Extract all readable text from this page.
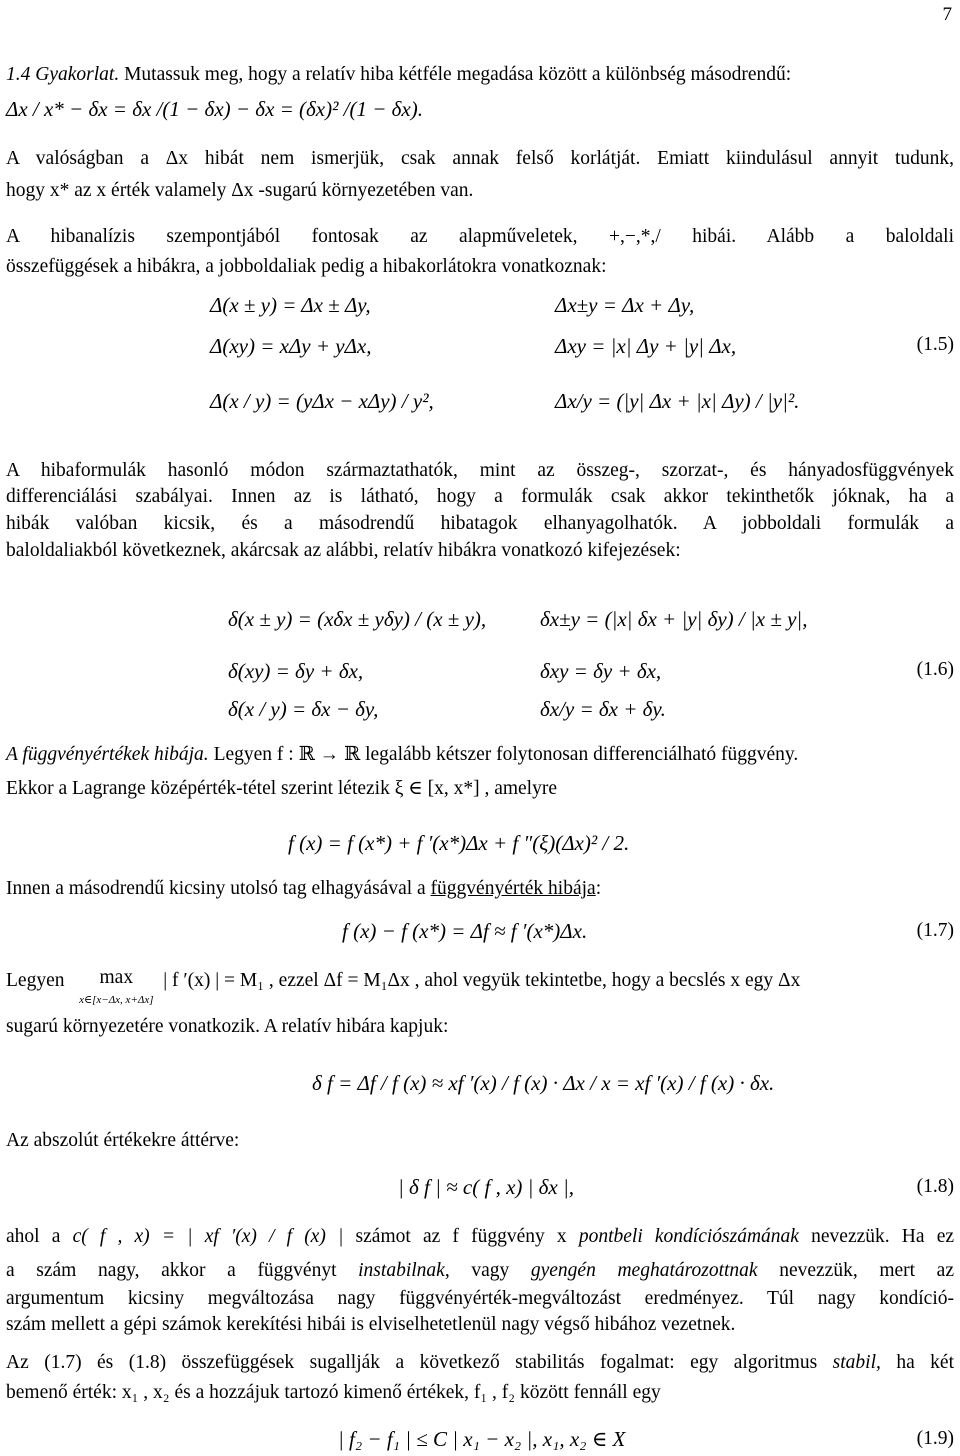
7
1.4 Gyakorlat. Mutassuk meg, hogy a relatív hiba kétféle megadása között a különbség másodrendű:
Δx / x* − δx = δx /(1 − δx) − δx = (δx)² /(1 − δx).
A valóságban a Δx hibát nem ismerjük, csak annak felső korlátját. Emiatt kiindulásul annyit tudunk,
hogy x* az x érték valamely Δx -sugarú környezetében van.
A hibanalízis szempontjából fontosak az alapműveletek, +,−,*,/ hibái. Alább a baloldali
összefüggések a hibákra, a jobboldaliak pedig a hibakorlátokra vonatkoznak:
Δ(x ± y) = Δx ± Δy,	Δx±y = Δx + Δy,
Δ(xy) = xΔy + yΔx,	Δxy = |x| Δy + |y| Δx,	(1.5)
Δ(x / y) = (yΔx − xΔy) / y²,	Δx/y = (|y| Δx + |x| Δy) / |y|².
A hibaformulák hasonló módon származtathatók, mint az összeg-, szorzat-, és hányadosfüggvények
differenciálási szabályai. Innen az is látható, hogy a formulák csak akkor tekinthetők jóknak, ha a
hibák valóban kicsik, és a másodrendű hibatagok elhanyagolhatók. A jobboldali formulák a
baloldaliakból következnek, akárcsak az alábbi, relatív hibákra vonatkozó kifejezések:
δ(x ± y) = (xδx ± yδy) / (x ± y),	δx±y = (|x| δx + |y| δy) / |x ± y|,
δ(xy) = δy + δx,	δxy = δy + δx,	(1.6)
δ(x / y) = δx − δy,	δx/y = δx + δy.
A függvényértékek hibája. Legyen f : ℝ → ℝ legalább kétszer folytonosan differenciálható függvény.
Ekkor a Lagrange középérték-tétel szerint létezik ξ ∈ [x, x*] , amelyre
f (x) = f (x*) + f ′(x*)Δx + f ″(ξ)(Δx)² / 2.
Innen a másodrendű kicsiny utolsó tag elhagyásával a függvényérték hibája:
f (x) − f (x*) = Δf ≈ f ′(x*)Δx.	(1.7)
Legyen max
x∈[x−Δx, x+Δx]  | f ′(x) | = M₁ , ezzel Δf = M₁Δx , ahol vegyük tekintetbe, hogy a becslés x egy Δx
sugarú környezetére vonatkozik. A relatív hibára kapjuk:
δ f = Δf / f (x) ≈ xf ′(x) / f (x) · Δx / x = xf ′(x) / f (x) · δx.
Az abszolút értékekre áttérve:
| δ f | ≈ c( f , x) | δx |,	(1.8)
ahol a c( f , x) = | xf ′(x) / f (x) | számot az f függvény x pontbeli kondíciószámának nevezzük. Ha ez
a szám nagy, akkor a függvényt instabilnak, vagy gyengén meghatározottnak nevezzük, mert az
argumentum kicsiny megváltozása nagy függvényérték-megváltozást eredményez. Túl nagy kondíció-
szám mellett a gépi számok kerekítési hibái is elviselhetetlenül nagy végső hibához vezetnek.
Az (1.7) és (1.8) összefüggések sugallják a következő stabilitás fogalmat: egy algoritmus stabil, ha két
bemenő érték: x₁ , x₂ és a hozzájuk tartozó kimenő értékek, f₁ , f₂ között fennáll egy
| f₂ − f₁ | ≤ C | x₁ − x₂ |, x₁, x₂ ∈ X	(1.9)
